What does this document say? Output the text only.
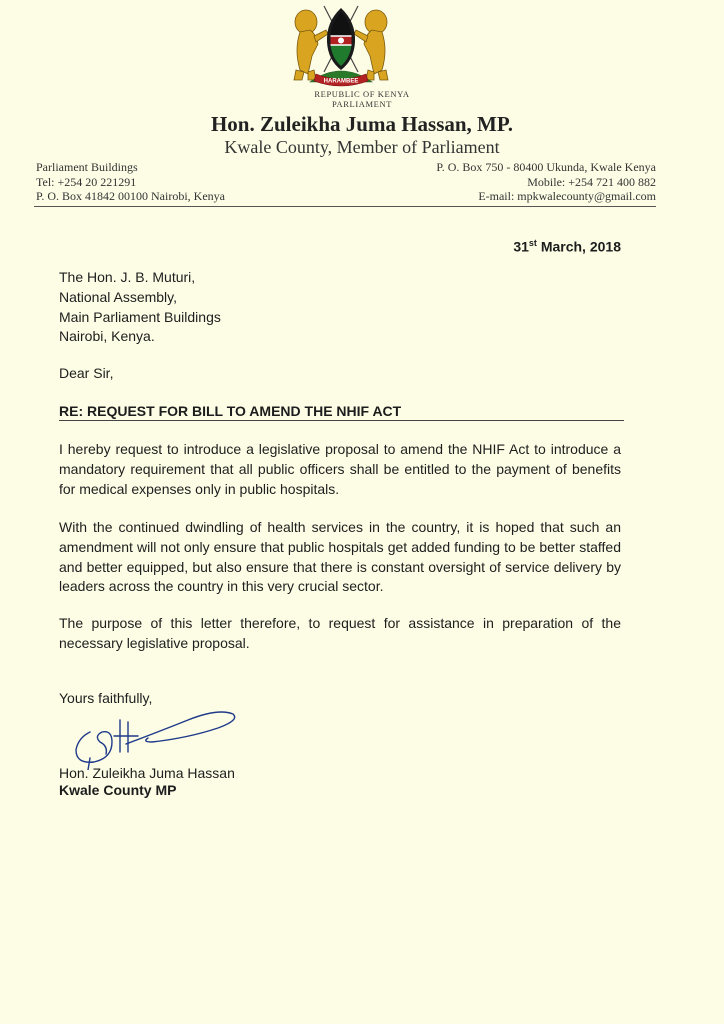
HARAMBEE
REPUBLIC OF KENYA
PARLIAMENT
Hon. Zuleikha Juma Hassan, MP.
Kwale County, Member of Parliament
Parliament Buildings
Tel: +254 20 221291
P. O. Box 41842 00100 Nairobi, Kenya
P. O. Box 750 - 80400 Ukunda, Kwale Kenya
Mobile: +254 721 400 882
E-mail: mpkwalecounty@gmail.com
31st March, 2018
The Hon. J. B. Muturi,
National Assembly,
Main Parliament Buildings
Nairobi, Kenya.
Dear Sir,
RE: REQUEST FOR BILL TO AMEND THE NHIF ACT
I hereby request to introduce a legislative proposal to amend the NHIF Act to introduce a mandatory requirement that all public officers shall be entitled to the payment of benefits for medical expenses only in public hospitals.
With the continued dwindling of health services in the country, it is hoped that such an amendment will not only ensure that public hospitals get added funding to be better staffed and better equipped, but also ensure that there is constant oversight of service delivery by leaders across the country in this very crucial sector.
The purpose of this letter therefore, to request for assistance in preparation of the necessary legislative proposal.
Yours faithfully,
Hon. Zuleikha Juma Hassan
Kwale County MP
